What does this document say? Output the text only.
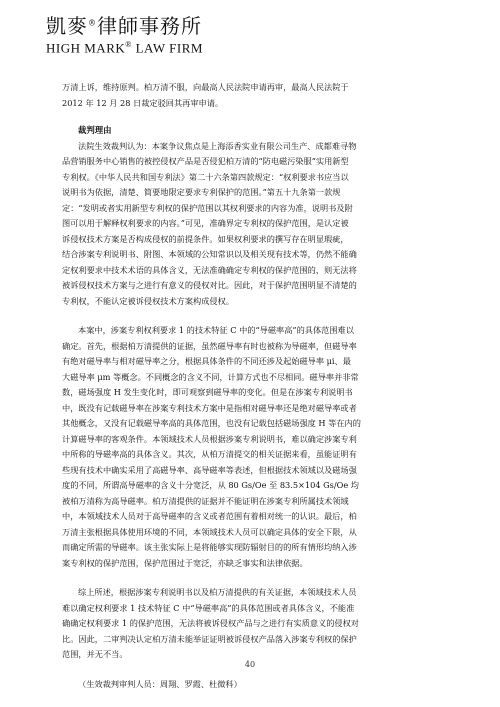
凱麥®律師事務所
HIGH MARK® LAW FIRM

万清上诉，维持原判。柏万清不服，向最高人民法院申请再审，最高人民法院于

2012 年 12 月 28 日裁定驳回其再审申请。

裁判理由

法院生效裁判认为：本案争议焦点是上海添香实业有限公司生产、成都难寻物

品营销服务中心销售的被控侵权产品是否侵犯柏万清的“防电磁污染服”实用新型

专利权。《中华人民共和国专利法》第二十六条第四款规定：“权利要求书应当以

说明书为依据，清楚、简要地限定要求专利保护的范围。”第五十九条第一款规

定：“发明或者实用新型专利权的保护范围以其权利要求的内容为准，说明书及附

图可以用于解释权利要求的内容。”可见，准确界定专利权的保护范围，是认定被

诉侵权技术方案是否构成侵权的前提条件。如果权利要求的撰写存在明显瑕疵，

结合涉案专利说明书、附图、本领域的公知常识以及相关现有技术等，仍然不能确

定权利要求中技术术语的具体含义，无法准确确定专利权的保护范围的，则无法将

被诉侵权技术方案与之进行有意义的侵权对比。因此，对于保护范围明显不清楚的

专利权，不能认定被诉侵权技术方案构成侵权。

本案中，涉案专利权利要求 1 的技术特征 C 中的“导磁率高”的具体范围难以

确定。首先，根据柏万清提供的证据，虽然磁导率有时也被称为导磁率，但磁导率

有绝对磁导率与相对磁导率之分，根据具体条件的不同还涉及起始磁导率 μi、最

大磁导率 μm 等概念。不同概念的含义不同，计算方式也不尽相同。磁导率并非常

数，磁场强度 H 发生变化时，即可观察到磁导率的变化。但是在涉案专利说明书

中，既没有记载磁导率在涉案专利技术方案中是指相对磁导率还是绝对磁导率或者

其他概念，又没有记载磁导率高的具体范围，也没有记载包括磁场强度 H 等在内的

计算磁导率的客观条件。本领域技术人员根据涉案专利说明书，难以确定涉案专利

中所称的导磁率高的具体含义。其次，从柏万清提交的相关证据来看，虽能证明有

些现有技术中确实采用了高磁导率、高导磁率等表述，但根据技术领域以及磁场强

度的不同，所谓高导磁率的含义十分宽泛，从 80 Gs/Oe 至 83.5×104 Gs/Oe 均

被柏万清称为高导磁率。柏万清提供的证据并不能证明在涉案专利所属技术领域

中，本领域技术人员对于高导磁率的含义或者范围有着相对统一的认识。最后，柏

万清主张根据具体使用环境的不同，本领域技术人员可以确定具体的安全下限，从

而确定所需的导磁率。该主张实际上是将能够实现防辐射目的的所有情形均纳入涉

案专利权的保护范围，保护范围过于宽泛，亦缺乏事实和法律依据。

综上所述，根据涉案专利说明书以及柏万清提供的有关证据，本领域技术人员

难以确定权利要求 1 技术特征 C 中“导磁率高”的具体范围或者具体含义，不能准

确确定权利要求 1 的保护范围，无法将被诉侵权产品与之进行有实质意义的侵权对

比。因此，二审判决认定柏万清未能举证证明被诉侵权产品落入涉案专利权的保护

范围，并无不当。

（生效裁判审判人员：周翔、罗霞、杜微科）

40
